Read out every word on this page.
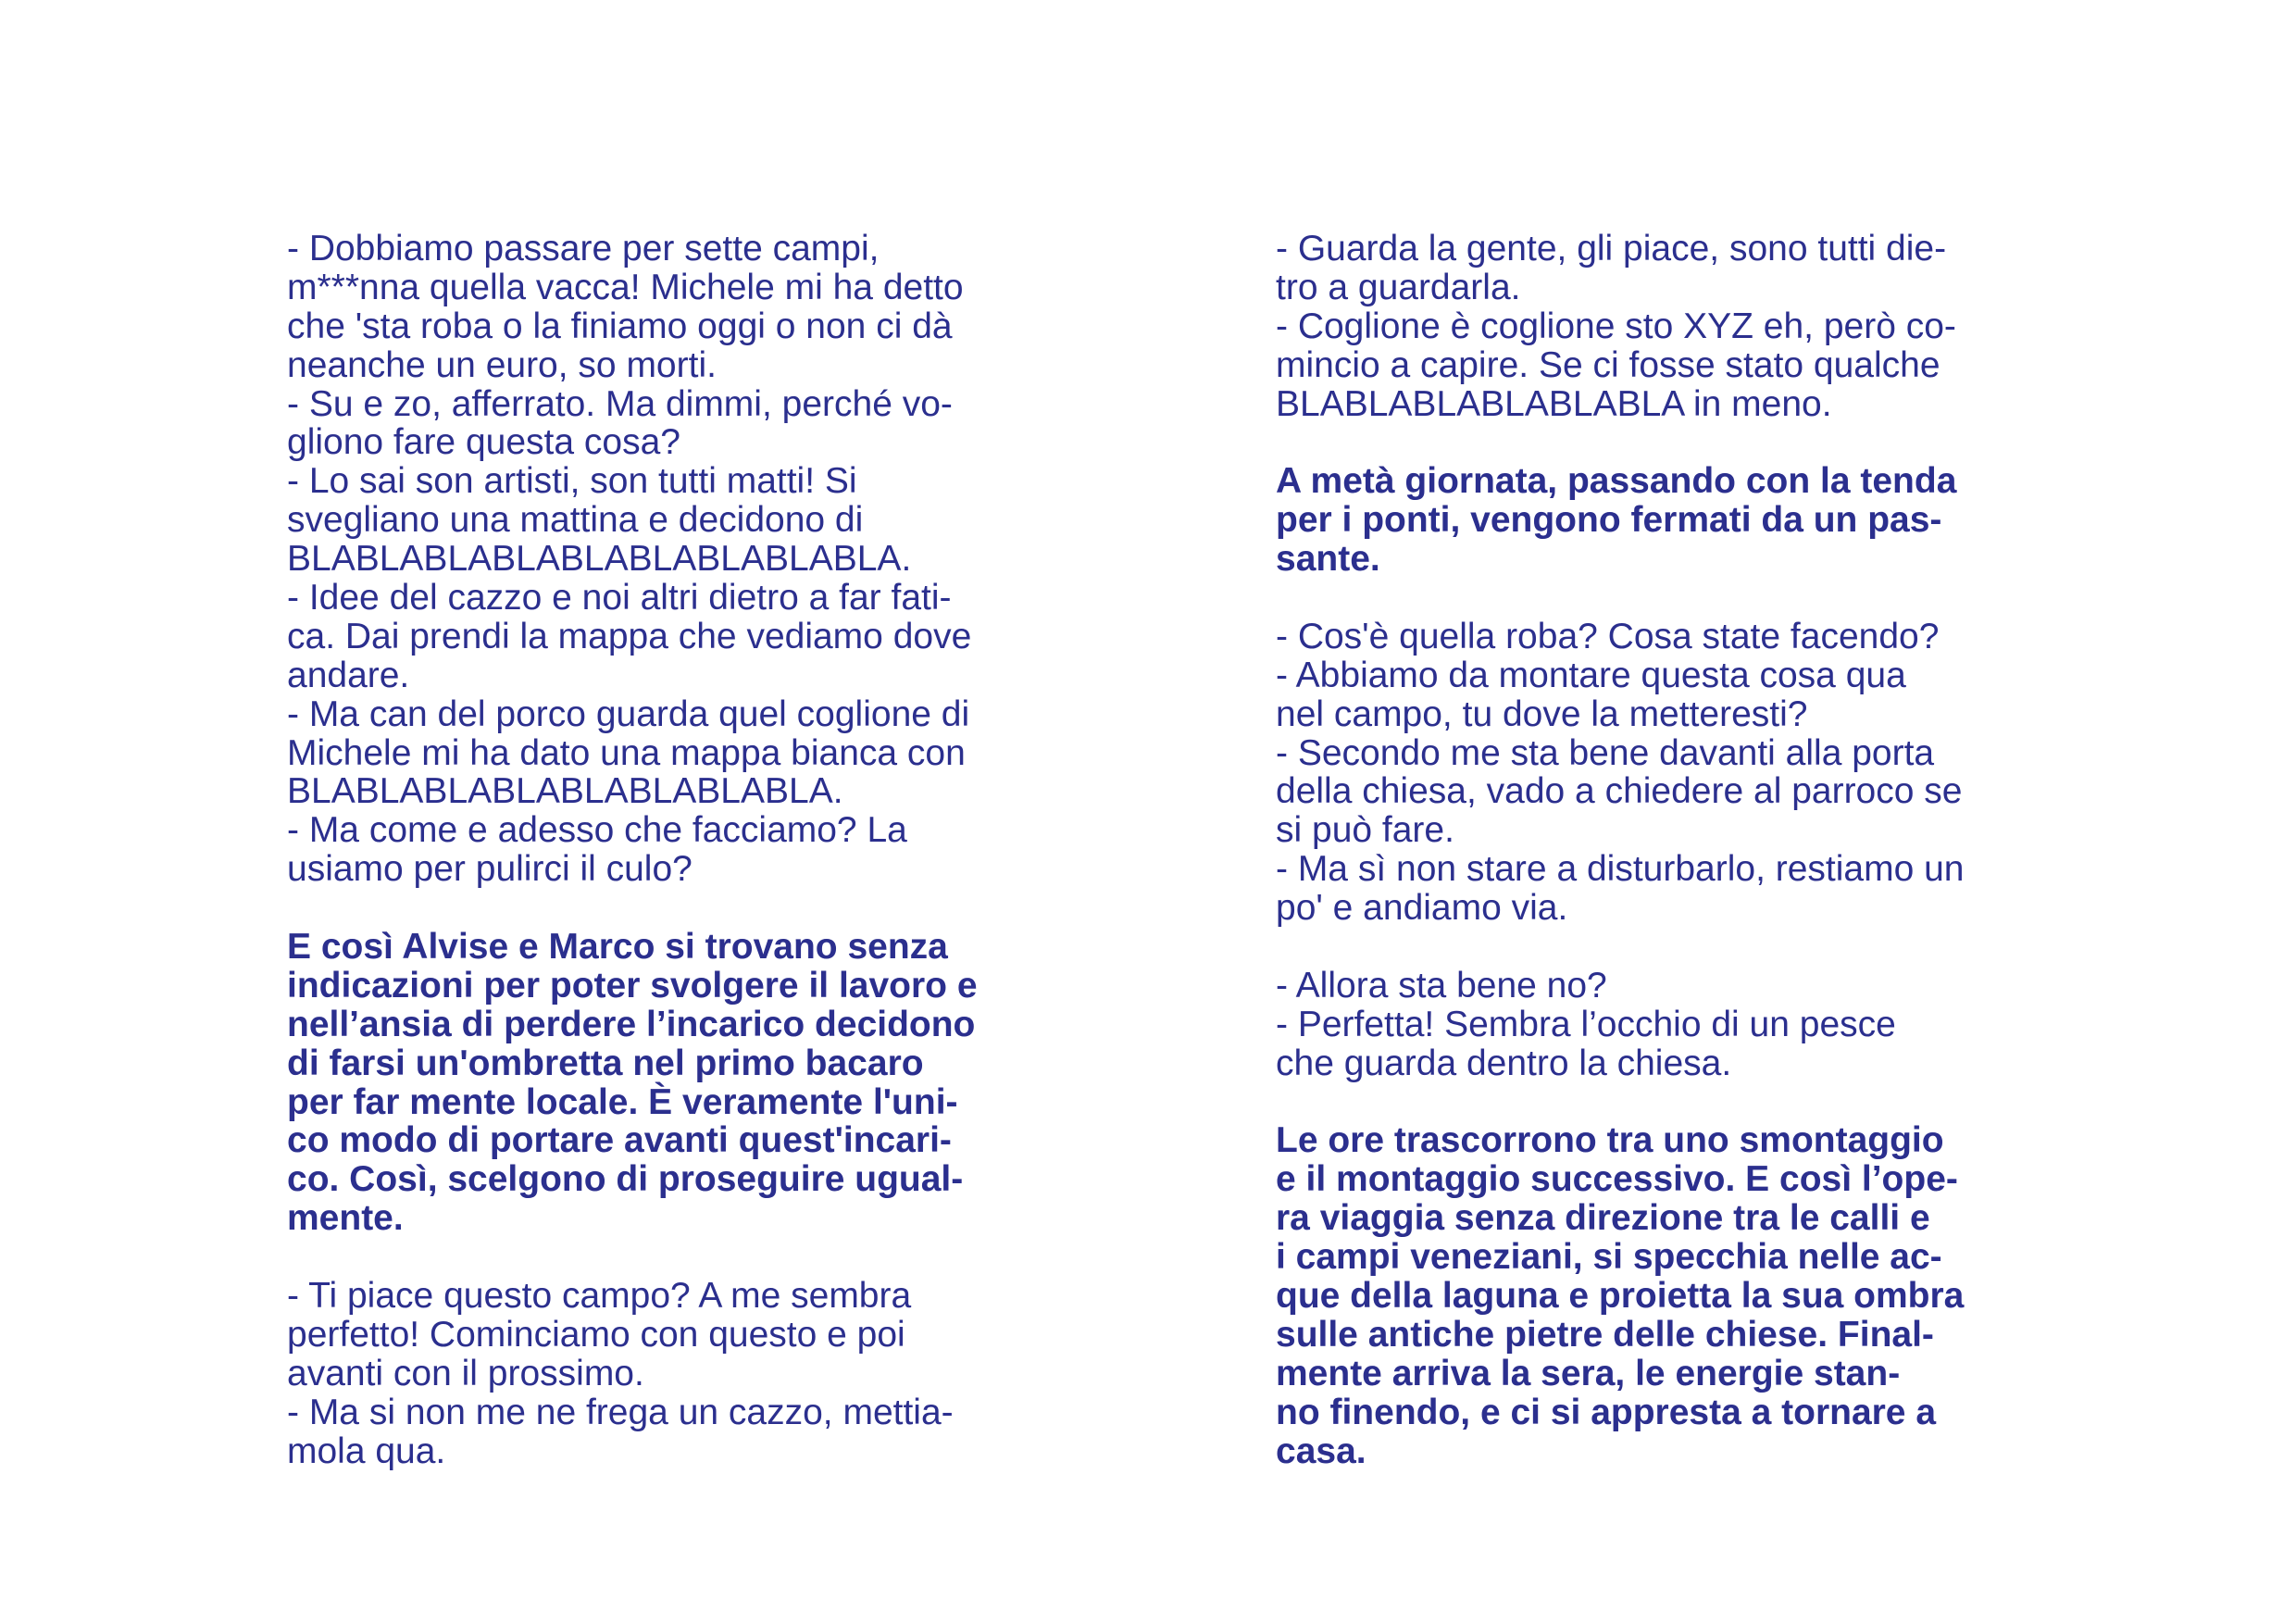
- Dobbiamo passare per sette campi,
m***nna quella vacca! Michele mi ha detto
che 'sta roba o la finiamo oggi o non ci dà
neanche un euro, so morti.
- Su e zo, afferrato. Ma dimmi, perché vo-
gliono fare questa cosa?
- Lo sai son artisti, son tutti matti! Si
svegliano una mattina e decidono di
BLABLABLABLABLABLABLABLABLA.
- Idee del cazzo e noi altri dietro a far fati-
ca. Dai prendi la mappa che vediamo dove
andare.
- Ma can del porco guarda quel coglione di
Michele mi ha dato una mappa bianca con
BLABLABLABLABLABLABLABLA.
- Ma come e adesso che facciamo? La
usiamo per pulirci il culo?
E così Alvise e Marco si trovano senza
indicazioni per poter svolgere il lavoro e
nell’ansia di perdere l’incarico decidono
di farsi un'ombretta nel primo bacaro
per far mente locale. È veramente l'uni-
co modo di portare avanti quest'incari-
co. Così, scelgono di proseguire ugual-
mente.
- Ti piace questo campo? A me sembra
perfetto! Cominciamo con questo e poi
avanti con il prossimo.
- Ma si non me ne frega un cazzo, mettia-
mola qua.
- Guarda la gente, gli piace, sono tutti die-
tro a guardarla.
- Coglione è coglione sto XYZ eh, però co-
mincio a capire. Se ci fosse stato qualche
BLABLABLABLABLABLA in meno.
A metà giornata, passando con la tenda
per i ponti, vengono fermati da un pas-
sante.
- Cos'è quella roba? Cosa state facendo?
- Abbiamo da montare questa cosa qua
nel campo, tu dove la metteresti?
- Secondo me sta bene davanti alla porta
della chiesa, vado a chiedere al parroco se
si può fare.
- Ma sì non stare a disturbarlo, restiamo un
po' e andiamo via.
- Allora sta bene no?
- Perfetta! Sembra l’occhio di un pesce
che guarda dentro la chiesa.
Le ore trascorrono tra uno smontaggio
e il montaggio successivo. E così l’ope-
ra viaggia senza direzione tra le calli e
i campi veneziani, si specchia nelle ac-
que della laguna e proietta la sua ombra
sulle antiche pietre delle chiese. Final-
mente arriva la sera, le energie stan-
no finendo, e ci si appresta a tornare a
casa.
